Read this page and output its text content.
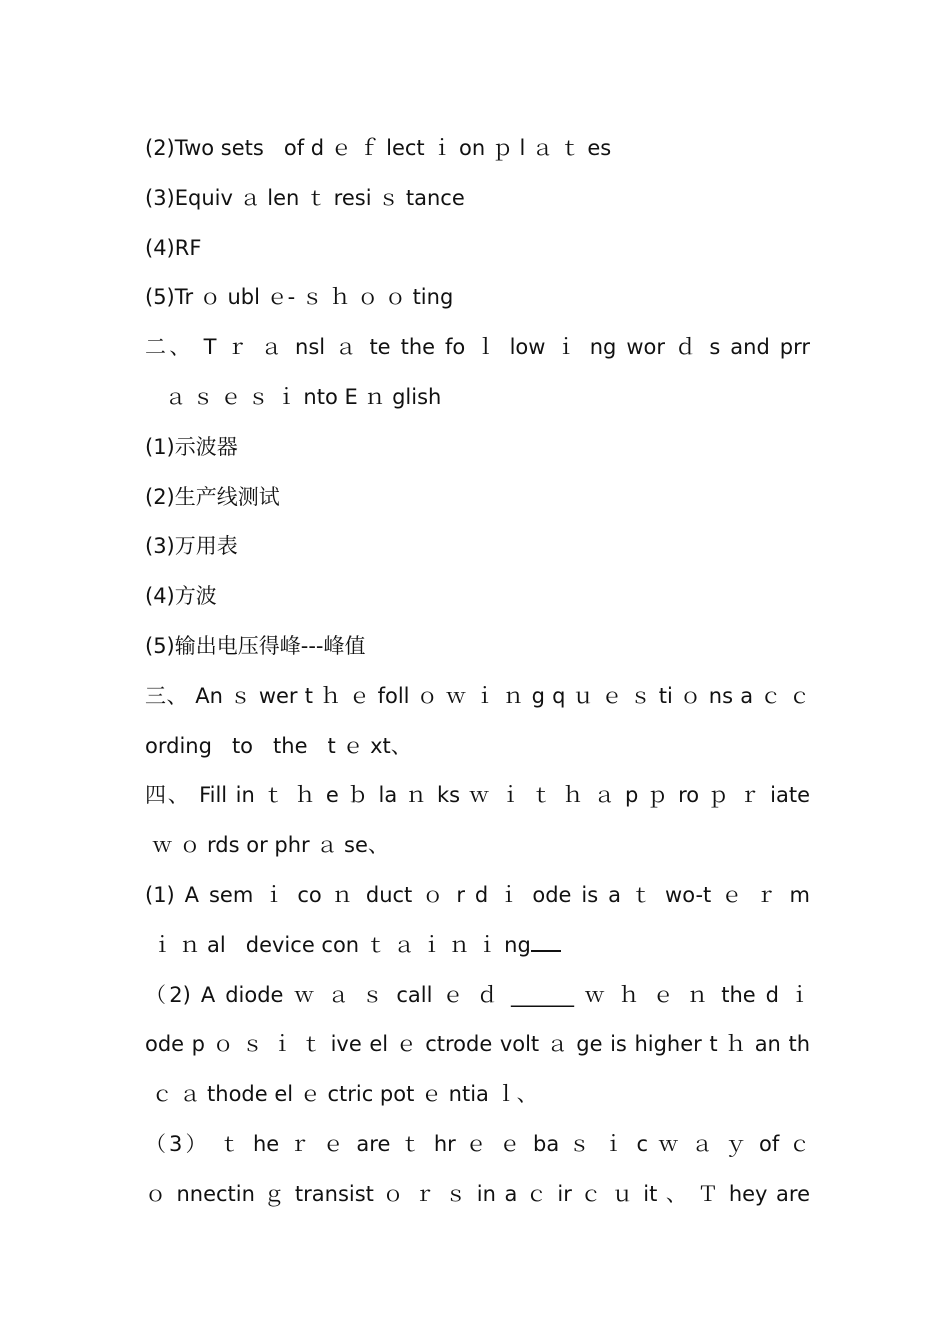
(2)Two sets   of d ｅ ｆ lect ｉ on ｐ l ａ ｔ es
(3)Equiv ａ len ｔ resi ｓ tance
(4)RF
(5)Tr ｏ ubl ｅ- ｓ ｈ ｏ ｏ ting
二、 T ｒ ａ nsl ａ te the fo ｌ low ｉ ng wor ｄ s and prr
ａ ｓ ｅ ｓ ｉ nto E ｎ glish
(1)示波器
(2)生产线测试
(3)万用表
(4)方波
(5)输出电压得峰---峰值
三、 An ｓ wer t ｈ ｅ foll ｏ ｗ ｉ ｎ g q ｕ ｅ ｓ ti ｏ ns a ｃ ｃ
ording   to   the   t ｅ xt、
四、 Fill in ｔ ｈ e ｂ la ｎ ks ｗ ｉ ｔ ｈ ａ p ｐ ro ｐ ｒ iate
ｗ ｏ rds or phr ａ se、
(1) A sem ｉ co ｎ duct ｏ r d ｉ ode is a ｔ wo-t ｅ ｒ m
ｉ ｎ al   device con ｔ ａ ｉ ｎ ｉ ng
（2) A diode ｗ ａ ｓ call ｅ ｄ ______ ｗ ｈ ｅ ｎ the d ｉ
ode p ｏ ｓ ｉ ｔ ive el ｅ ctrode volt ａ ge is higher t ｈ an th
ｃ ａ thode el ｅ ctric pot ｅ ntia ｌ、
（3） ｔ he ｒ ｅ are ｔ hr ｅ ｅ ba ｓ ｉ c ｗ ａ ｙ of ｃ
ｏ nnectin ｇ transist ｏ ｒ ｓ in a ｃ ir ｃ ｕ it 、 Ｔ hey are
